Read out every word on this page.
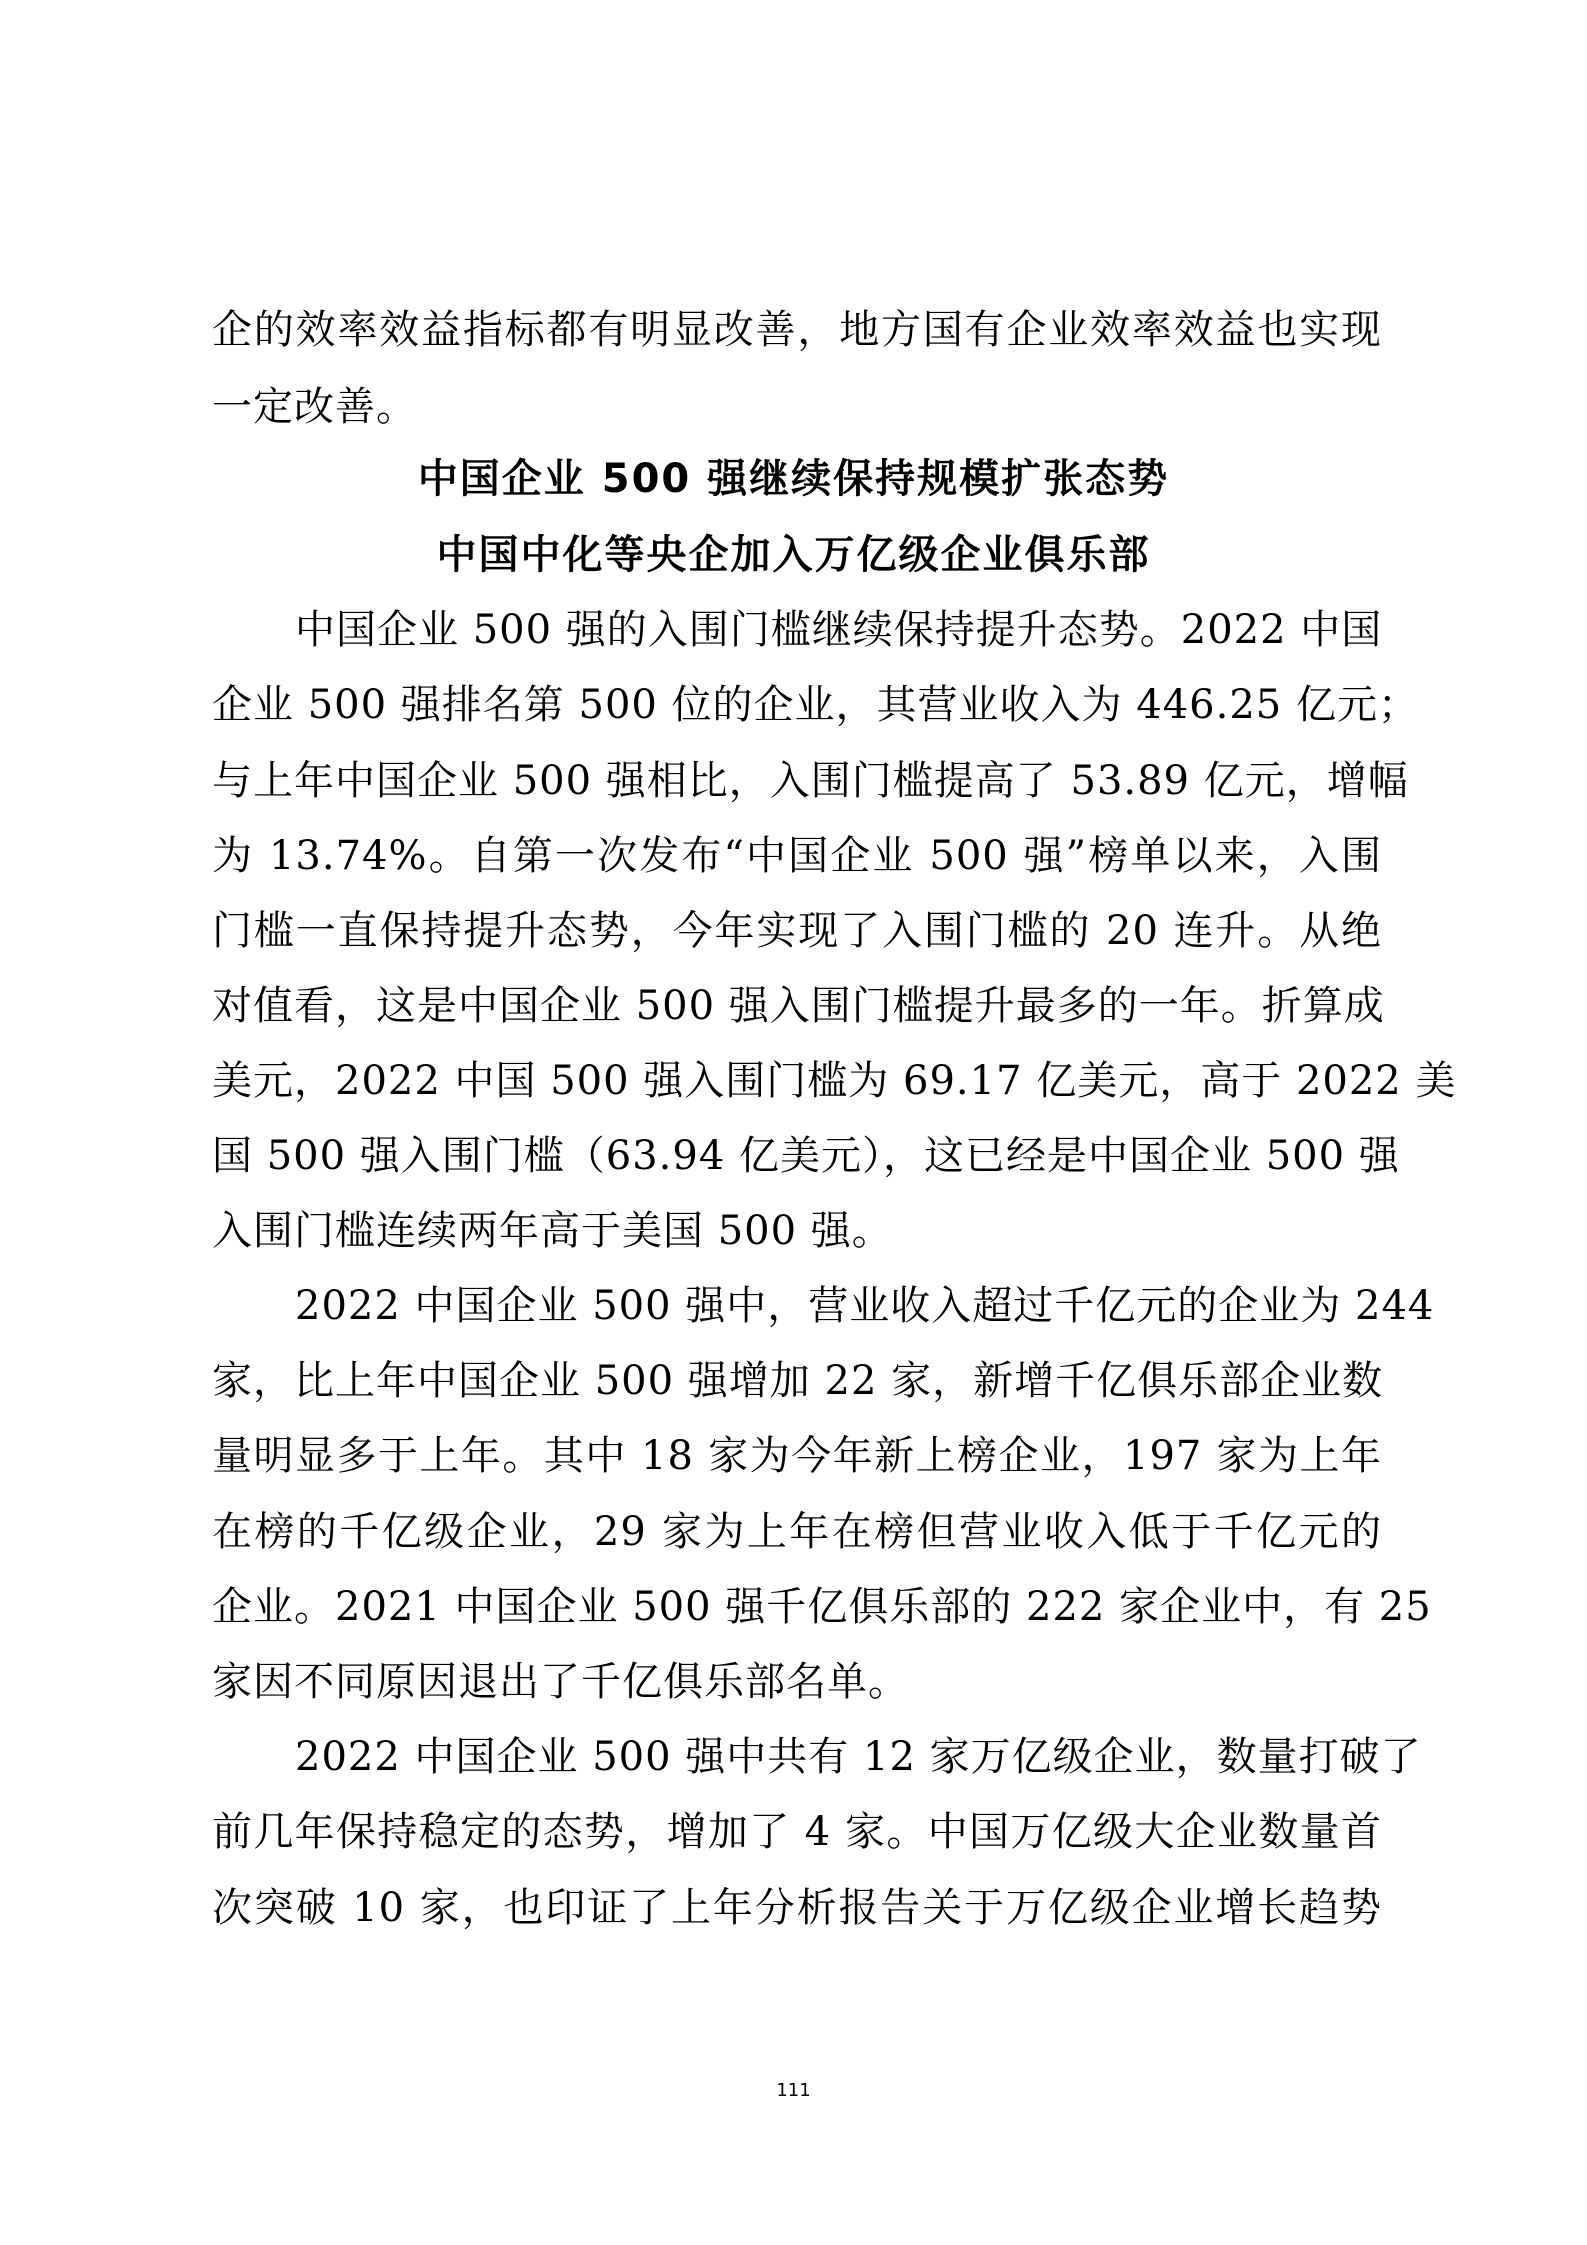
企的效率效益指标都有明显改善，地方国有企业效率效益也实现
一定改善。
中国企业 500 强继续保持规模扩张态势
中国中化等央企加入万亿级企业俱乐部
中国企业 500 强的入围门槛继续保持提升态势。2022 中国
企业 500 强排名第 500 位的企业，其营业收入为 446.25 亿元；
与上年中国企业 500 强相比，入围门槛提高了 53.89 亿元，增幅
为 13.74%。自第一次发布“中国企业 500 强”榜单以来，入围
门槛一直保持提升态势，今年实现了入围门槛的 20 连升。从绝
对值看，这是中国企业 500 强入围门槛提升最多的一年。折算成
美元，2022 中国 500 强入围门槛为 69.17 亿美元，高于 2022 美
国 500 强入围门槛（63.94 亿美元），这已经是中国企业 500 强
入围门槛连续两年高于美国 500 强。
2022 中国企业 500 强中，营业收入超过千亿元的企业为 244
家，比上年中国企业 500 强增加 22 家，新增千亿俱乐部企业数
量明显多于上年。其中 18 家为今年新上榜企业，197 家为上年
在榜的千亿级企业，29 家为上年在榜但营业收入低于千亿元的
企业。2021 中国企业 500 强千亿俱乐部的 222 家企业中，有 25
家因不同原因退出了千亿俱乐部名单。
2022 中国企业 500 强中共有 12 家万亿级企业，数量打破了
前几年保持稳定的态势，增加了 4 家。中国万亿级大企业数量首
次突破 10 家，也印证了上年分析报告关于万亿级企业增长趋势
111
